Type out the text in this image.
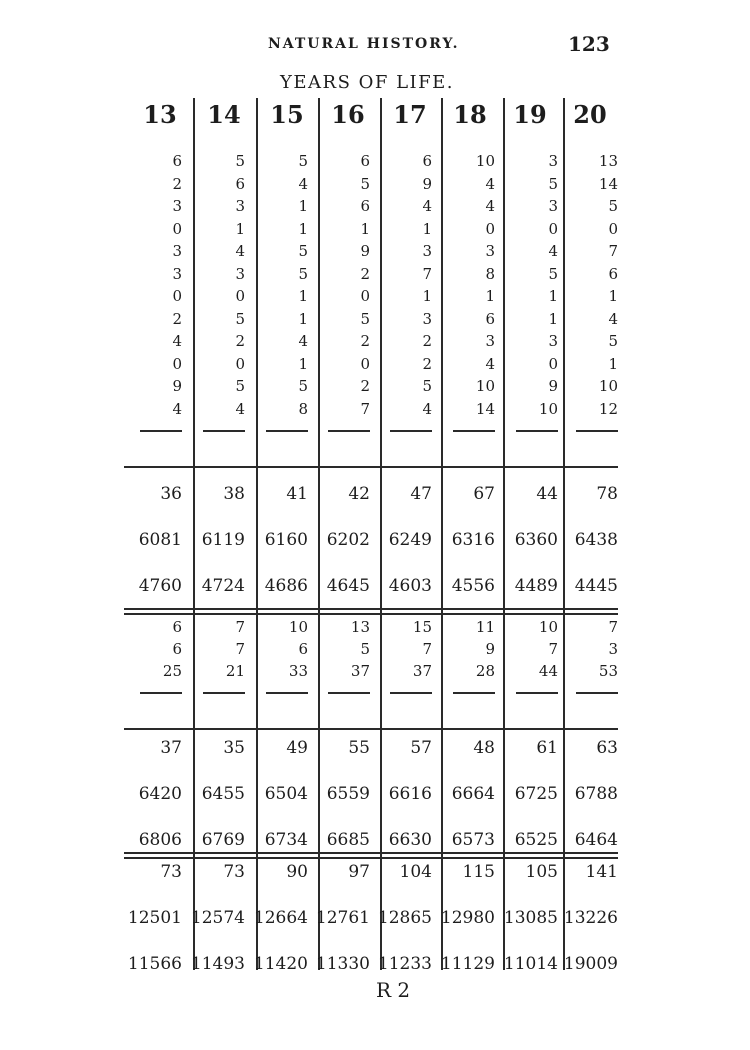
NATURAL HISTORY.	123
YEARS OF LIFE.
13	14	15	16	17	18	19	20
6	5	5	6	6	10	3	13
2	6	4	5	9	4	5	14
3	3	1	6	4	4	3	5
0	1	1	1	1	0	0	0
3	4	5	9	3	3	4	7
3	3	5	2	7	8	5	6
0	0	1	0	1	1	1	1
2	5	1	5	3	6	1	4
4	2	4	2	2	3	3	5
0	0	1	0	2	4	0	1
9	5	5	2	5	10	9	10
4	4	8	7	4	14	10	12
36	38	41	42	47	67	44	78
6081	6119	6160	6202	6249	6316	6360 6438
4760	4724	4686	4645	4603	4556	4489 4445
6	7	10	13	15	11	10	7
6	7	6	5	7	9	7	3
25	21	33	37	37	28	44	53
37	35	49	55	57	48	61	63
6420	6455	6504	6559	6616	6664	6725 6788
6806	6769	6734	6685	6630	6573	6525 6464
73	73	90	97	104	115	105	141
12501 12574 12664 12761 12865 12980 13085 13226
11566 11493 11420 11330 11233 11129 11014 19009
R 2
